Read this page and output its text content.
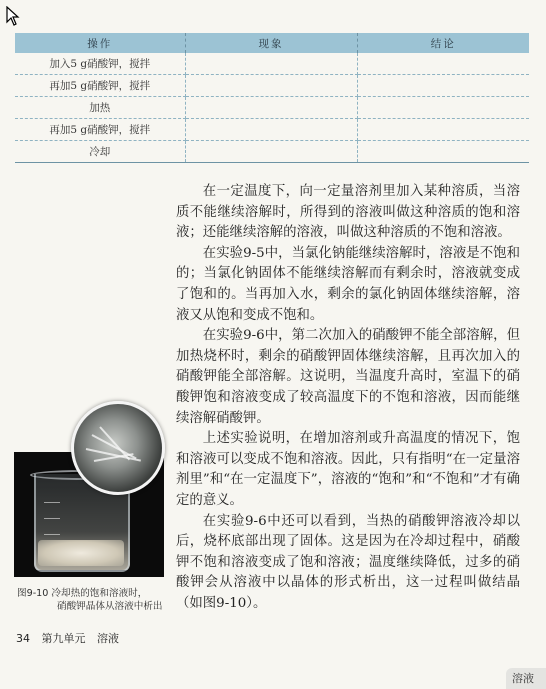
操作	现象	结论
加入5 g硝酸钾，搅拌		
再加5 g硝酸钾，搅拌		
加热		
再加5 g硝酸钾，搅拌		
冷却		

在一定温度下，向一定量溶剂里加入某种溶质，当溶质不能继续溶解时，所得到的溶液叫做这种溶质的饱和溶液；还能继续溶解的溶液，叫做这种溶质的不饱和溶液。

在实验9-5中，当氯化钠能继续溶解时，溶液是不饱和的；当氯化钠固体不能继续溶解而有剩余时，溶液就变成了饱和的。当再加入水，剩余的氯化钠固体继续溶解，溶液又从饱和变成不饱和。

在实验9-6中，第二次加入的硝酸钾不能全部溶解，但加热烧杯时，剩余的硝酸钾固体继续溶解，且再次加入的硝酸钾能全部溶解。这说明，当温度升高时，室温下的硝酸钾饱和溶液变成了较高温度下的不饱和溶液，因而能继续溶解硝酸钾。

上述实验说明，在增加溶剂或升高温度的情况下，饱和溶液可以变成不饱和溶液。因此，只有指明“在一定量溶剂里”和“在一定温度下”，溶液的“饱和”和“不饱和”才有确定的意义。

在实验9-6中还可以看到，当热的硝酸钾溶液冷却以后，烧杯底部出现了固体。这是因为在冷却过程中，硝酸钾不饱和溶液变成了饱和溶液；温度继续降低，过多的硝酸钾会从溶液中以晶体的形式析出，这一过程叫做结晶（如图9-10）。

图9-10 冷却热的饱和溶液时，
硝酸钾晶体从溶液中析出
34 第九单元 溶液
溶液
